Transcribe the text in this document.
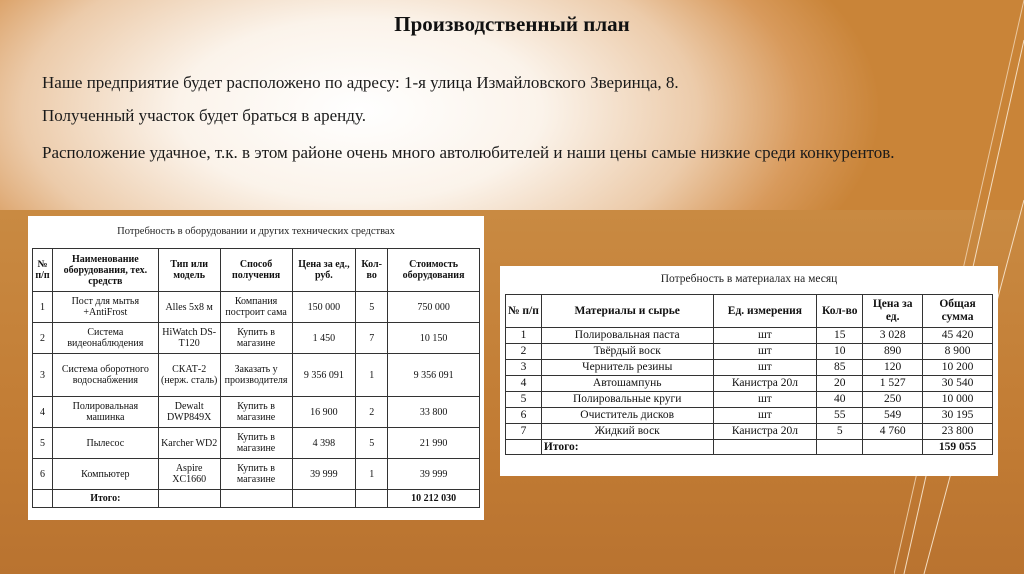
Производственный план
Наше предприятие будет расположено по адресу: 1-я улица Измайловского Зверинца, 8.
Полученный участок будет браться в аренду.
Расположение удачное, т.к. в этом районе очень много автолюбителей и наши цены самые низкие среди конкурентов.
Потребность в оборудовании и других технических средствах
№ п/п	Наименование оборудования, тех. средств	Тип или модель	Способ получения	Цена за ед., руб.	Кол-во	Стоимость оборудования
1	Пост для мытья +AntiFrost	Alles 5x8 м	Компания построит сама	150 000	5	750 000
2	Система видеонаблюдения	HiWatch DS-T120	Купить в магазине	1 450	7	10 150
3	Система оборотного водоснабжения	СКАТ-2 (нерж. сталь)	Заказать у производителя	9 356 091	1	9 356 091
4	Полировальная машинка	Dewalt DWP849X	Купить в магазине	16 900	2	33 800
5	Пылесос	Karcher WD2	Купить в магазине	4 398	5	21 990
6	Компьютер	Aspire XC1660	Купить в магазине	39 999	1	39 999
	Итого:					10 212 030
Потребность в материалах на месяц
№ п/п	Материалы и сырье	Ед. измерения	Кол-во	Цена за ед.	Общая сумма
1	Полировальная паста	шт	15	3 028	45 420
2	Твёрдый воск	шт	10	890	8 900
3	Чернитель резины	шт	85	120	10 200
4	Автошампунь	Канистра 20л	20	1 527	30 540
5	Полировальные круги	шт	40	250	10 000
6	Очиститель дисков	шт	55	549	30 195
7	Жидкий воск	Канистра 20л	5	4 760	23 800
	Итого:				159 055
